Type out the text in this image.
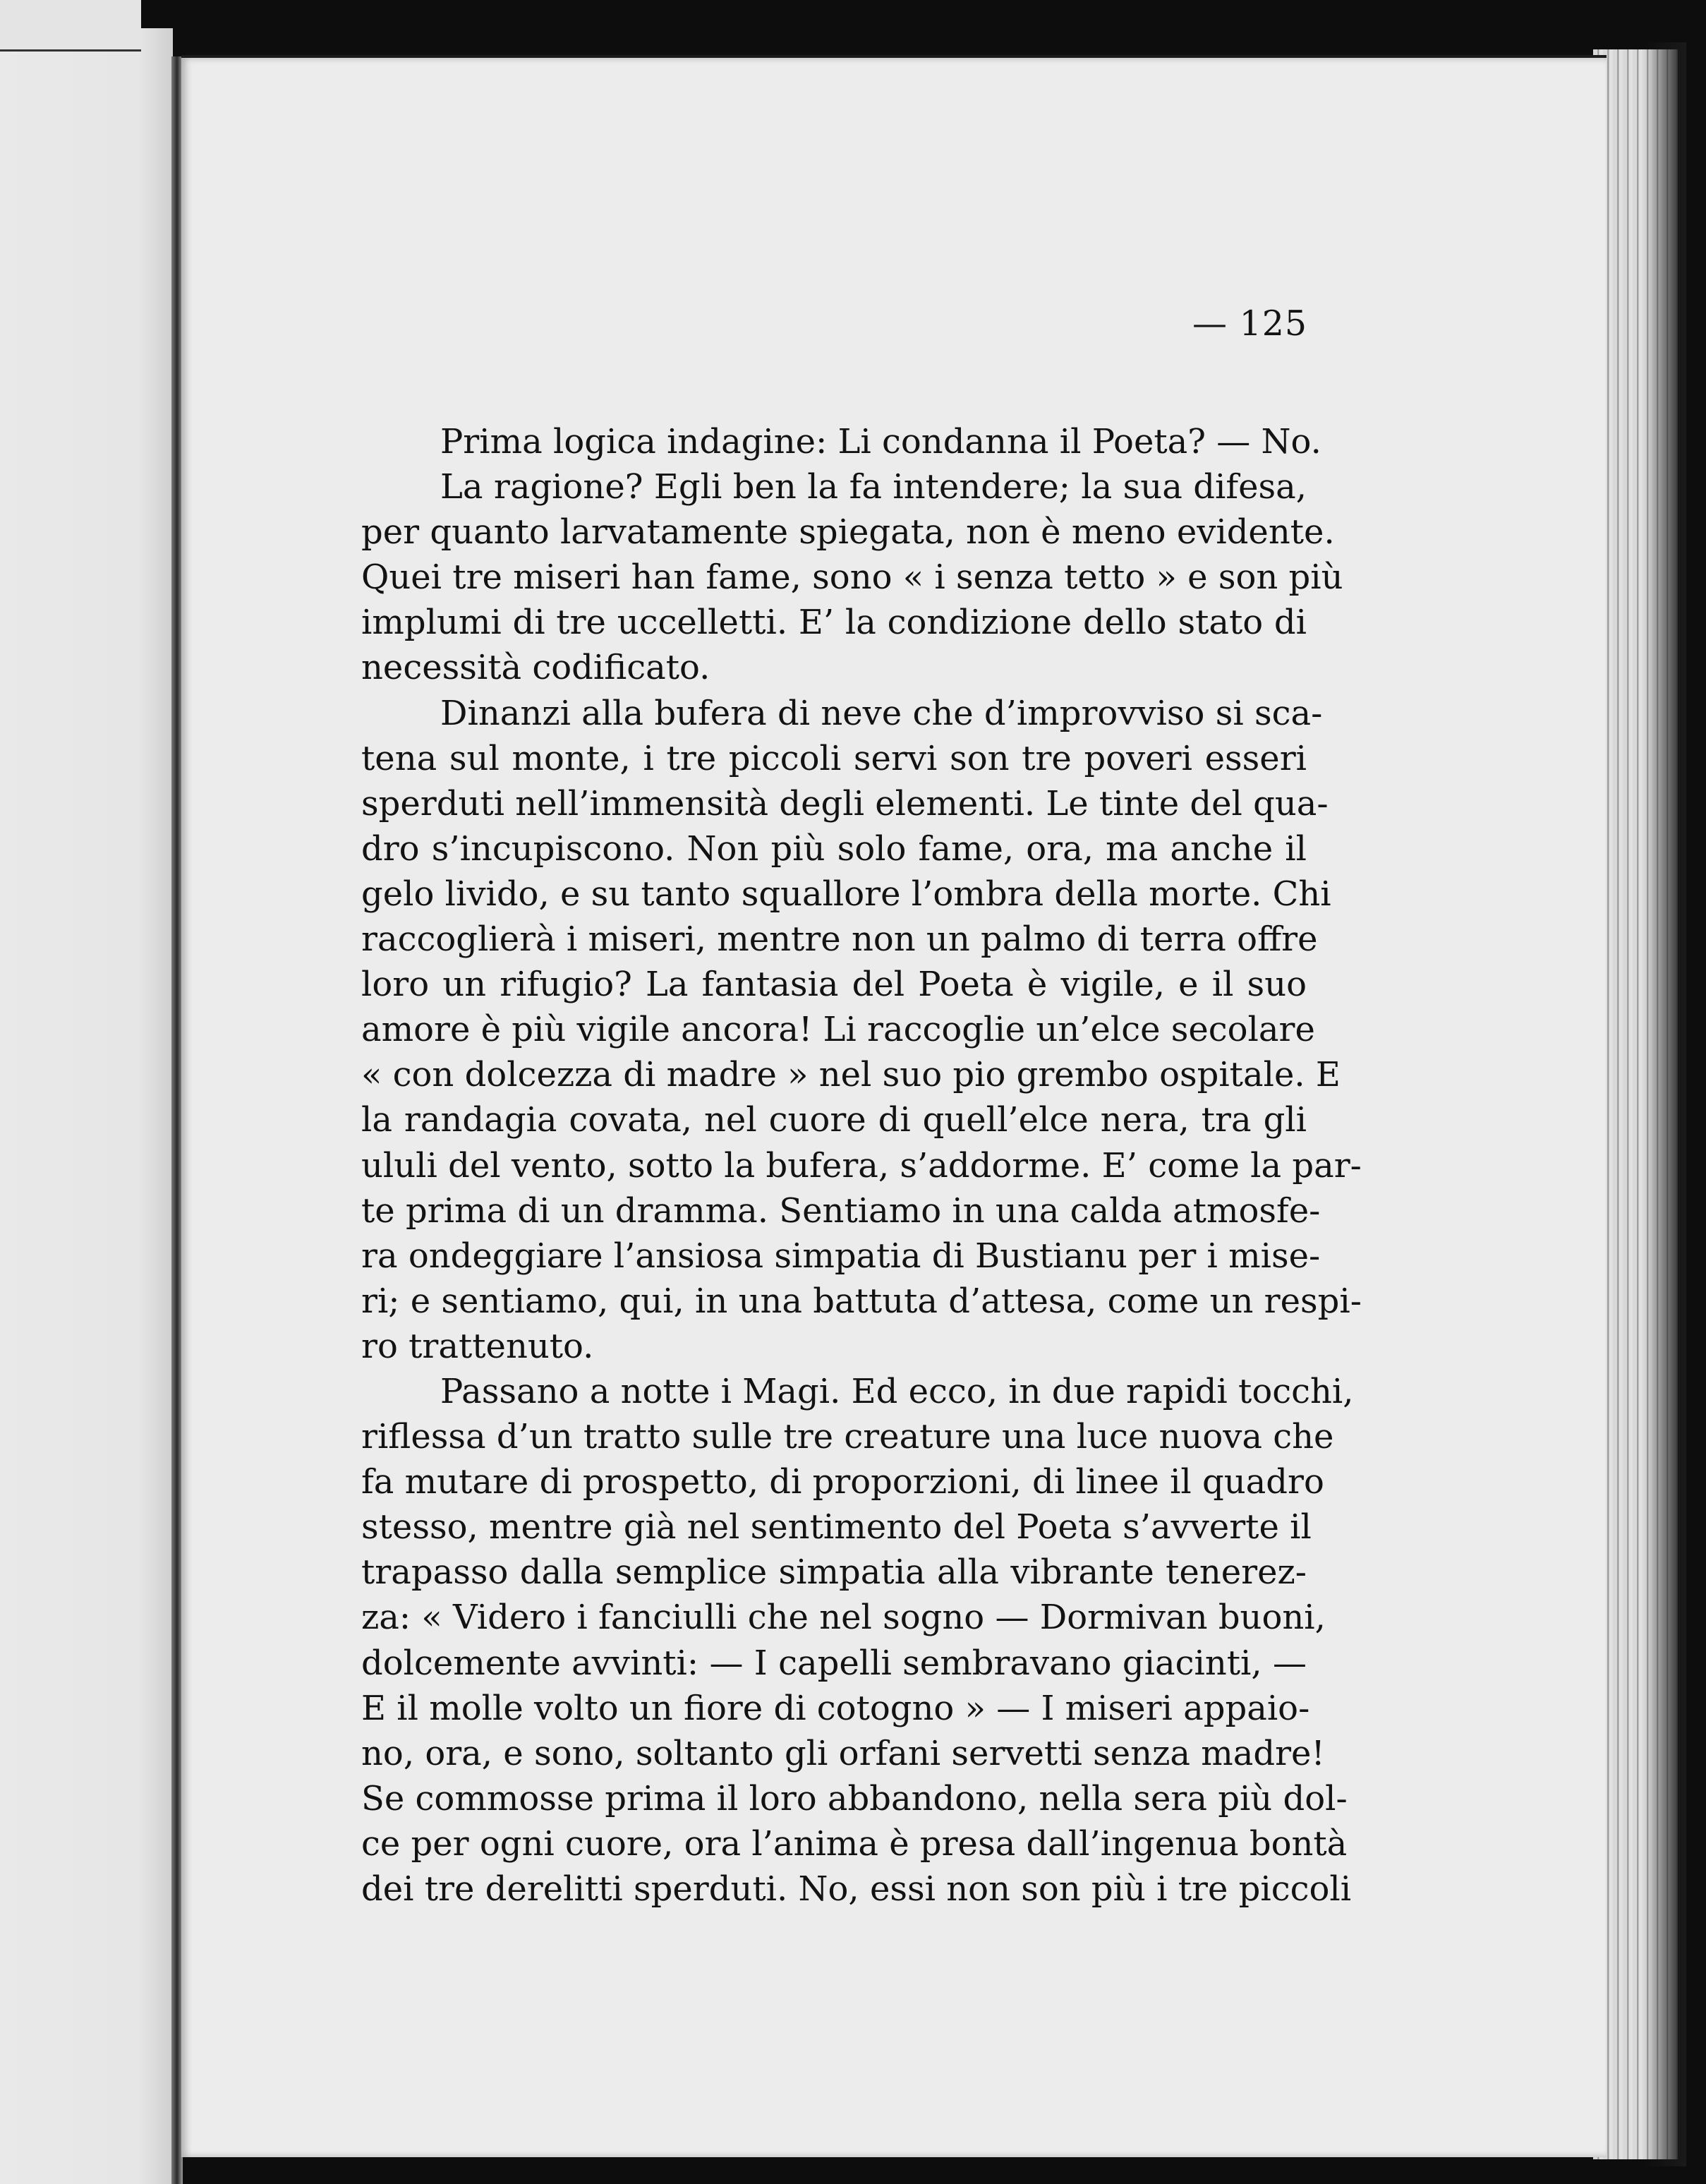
— 125
Prima logica indagine: Li condanna il Poeta? — No.
La ragione? Egli ben la fa intendere; la sua difesa,
per quanto larvatamente spiegata, non è meno evidente.
Quei tre miseri han fame, sono « i senza tetto » e son più
implumi di tre uccelletti. E’ la condizione dello stato di
necessità codificato.
Dinanzi alla bufera di neve che d’improvviso si sca-
tena sul monte, i tre piccoli servi son tre poveri esseri
sperduti nell’immensità degli elementi. Le tinte del qua-
dro s’incupiscono. Non più solo fame, ora, ma anche il
gelo livido, e su tanto squallore l’ombra della morte. Chi
raccoglierà i miseri, mentre non un palmo di terra offre
loro un rifugio? La fantasia del Poeta è vigile, e il suo
amore è più vigile ancora! Li raccoglie un’elce secolare
« con dolcezza di madre » nel suo pio grembo ospitale. E
la randagia covata, nel cuore di quell’elce nera, tra gli
ululi del vento, sotto la bufera, s’addorme. E’ come la par-
te prima di un dramma. Sentiamo in una calda atmosfe-
ra ondeggiare l’ansiosa simpatia di Bustianu per i mise-
ri; e sentiamo, qui, in una battuta d’attesa, come un respi-
ro trattenuto.
Passano a notte i Magi. Ed ecco, in due rapidi tocchi,
riflessa d’un tratto sulle tre creature una luce nuova che
fa mutare di prospetto, di proporzioni, di linee il quadro
stesso, mentre già nel sentimento del Poeta s’avverte il
trapasso dalla semplice simpatia alla vibrante tenerez-
za: « Videro i fanciulli che nel sogno — Dormivan buoni,
dolcemente avvinti: — I capelli sembravano giacinti, —
E il molle volto un fiore di cotogno » — I miseri appaio-
no, ora, e sono, soltanto gli orfani servetti senza madre!
Se commosse prima il loro abbandono, nella sera più dol-
ce per ogni cuore, ora l’anima è presa dall’ingenua bontà
dei tre derelitti sperduti. No, essi non son più i tre piccoli
